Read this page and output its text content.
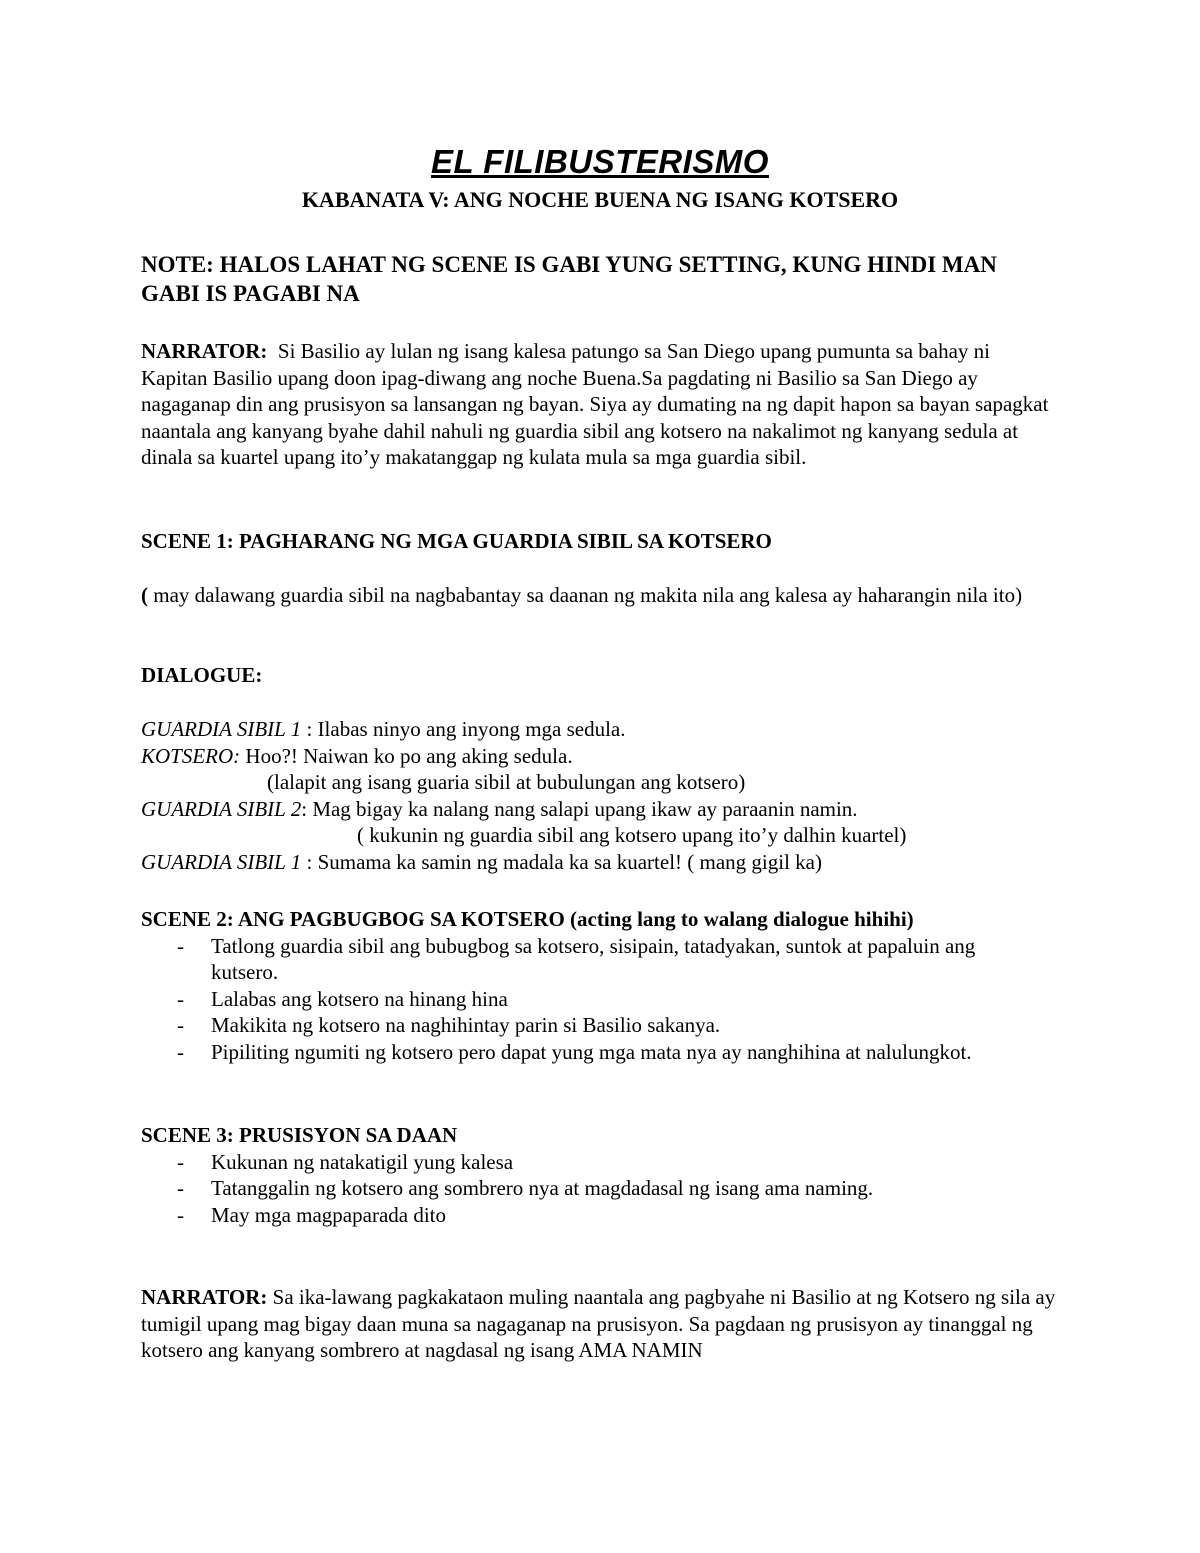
EL FILIBUSTERISMO
KABANATA V: ANG NOCHE BUENA NG ISANG KOTSERO
NOTE: HALOS LAHAT NG SCENE IS GABI YUNG SETTING, KUNG HINDI MAN GABI IS PAGABI NA
NARRATOR: Si Basilio ay lulan ng isang kalesa patungo sa San Diego upang pumunta sa bahay ni Kapitan Basilio upang doon ipag-diwang ang noche Buena.Sa pagdating ni Basilio sa San Diego ay nagaganap din ang prusisyon sa lansangan ng bayan. Siya ay dumating na ng dapit hapon sa bayan sapagkat naantala ang kanyang byahe dahil nahuli ng guardia sibil ang kotsero na nakalimot ng kanyang sedula at dinala sa kuartel upang ito’y makatanggap ng kulata mula sa mga guardia sibil.
SCENE 1: PAGHARANG NG MGA GUARDIA SIBIL SA KOTSERO
( may dalawang guardia sibil na nagbabantay sa daanan ng makita nila ang kalesa ay haharangin nila ito)
DIALOGUE:
GUARDIA SIBIL 1 : Ilabas ninyo ang inyong mga sedula.
KOTSERO: Hoo?! Naiwan ko po ang aking sedula.
(lalapit ang isang guaria sibil at bubulungan ang kotsero)
GUARDIA SIBIL 2: Mag bigay ka nalang nang salapi upang ikaw ay paraanin namin.
( kukunin ng guardia sibil ang kotsero upang ito’y dalhin kuartel)
GUARDIA SIBIL 1 : Sumama ka samin ng madala ka sa kuartel! ( mang gigil ka)
SCENE 2: ANG PAGBUGBOG SA KOTSERO (acting lang to walang dialogue hihihi)
- Tatlong guardia sibil ang bubugbog sa kotsero, sisipain, tatadyakan, suntok at papaluin ang kutsero.
- Lalabas ang kotsero na hinang hina
- Makikita ng kotsero na naghihintay parin si Basilio sakanya.
- Pipiliting ngumiti ng kotsero pero dapat yung mga mata nya ay nanghihina at nalulungkot.
SCENE 3: PRUSISYON SA DAAN
- Kukunan ng natakatigil yung kalesa
- Tatanggalin ng kotsero ang sombrero nya at magdadasal ng isang ama naming.
- May mga magpaparada dito
NARRATOR: Sa ika-lawang pagkakataon muling naantala ang pagbyahe ni Basilio at ng Kotsero ng sila ay tumigil upang mag bigay daan muna sa nagaganap na prusisyon. Sa pagdaan ng prusisyon ay tinanggal ng kotsero ang kanyang sombrero at nagdasal ng isang AMA NAMIN
